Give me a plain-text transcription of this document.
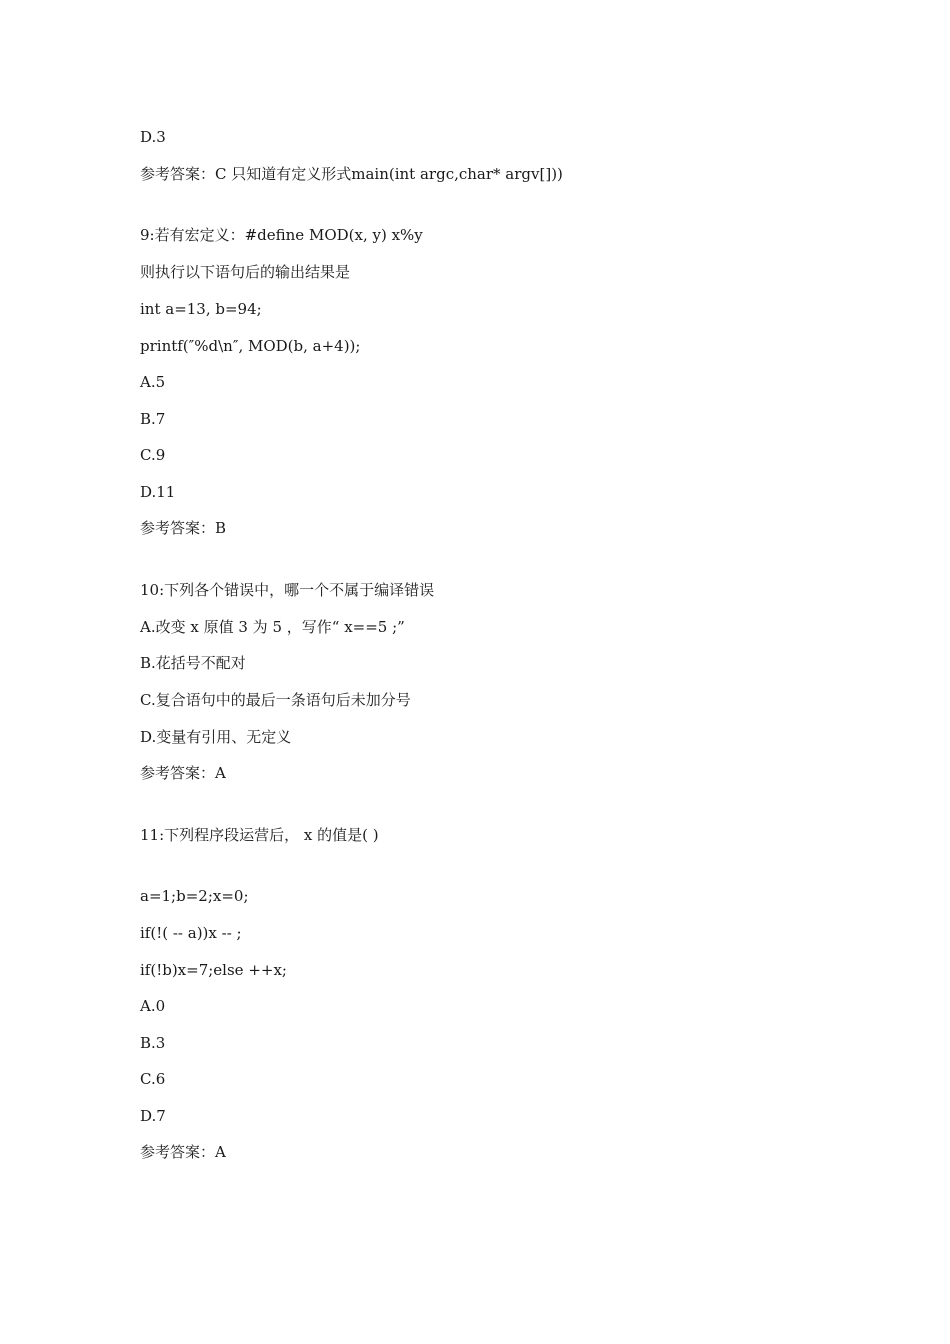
D.3
参考答案：C 只知道有定义形式main(int argc,char* argv[]))
9:若有宏定义：#define MOD(x, y) x%y
则执行以下语句后的输出结果是
int a=13, b=94;
printf(″%d\n″, MOD(b, a+4));
A.5
B.7
C.9
D.11
参考答案：B
10:下列各个错误中，哪一个不属于编译错误
A.改变 x 原值 3 为 5 ，写作“ x==5 ;”
B.花括号不配对
C.复合语句中的最后一条语句后未加分号
D.变量有引用、无定义
参考答案：A
11:下列程序段运营后， x 的值是( )
a=1;b=2;x=0;
if(!( -- a))x -- ;
if(!b)x=7;else ++x;
A.0
B.3
C.6
D.7
参考答案：A
